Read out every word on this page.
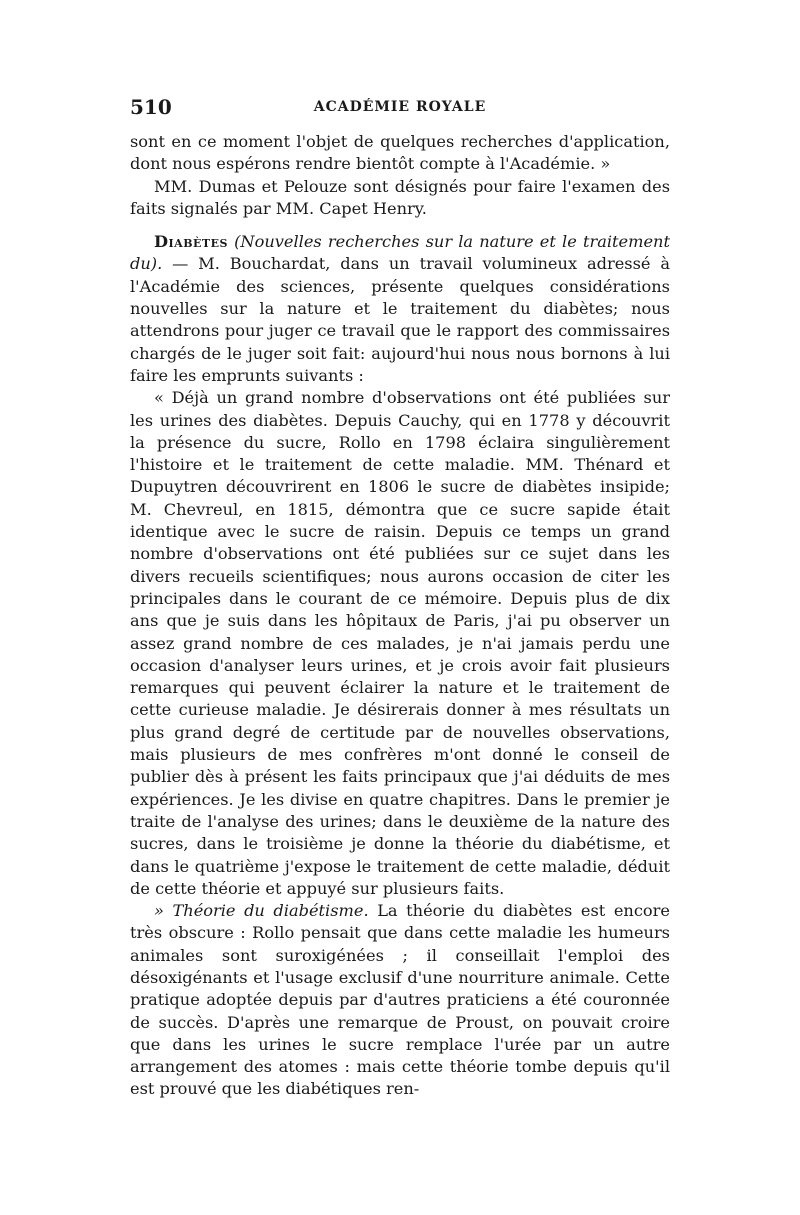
510	ACADÉMIE ROYALE

sont en ce moment l'objet de quelques recherches d'application, dont nous espérons rendre bientôt compte à l'Académie. »

MM. Dumas et Pelouze sont désignés pour faire l'examen des faits signalés par MM. Capet Henry.

Diabètes (Nouvelles recherches sur la nature et le traitement du). — M. Bouchardat, dans un travail volumineux adressé à l'Académie des sciences, présente quelques considérations nouvelles sur la nature et le traitement du diabètes; nous attendrons pour juger ce travail que le rapport des commissaires chargés de le juger soit fait: aujourd'hui nous nous bornons à lui faire les emprunts suivants :

« Déjà un grand nombre d'observations ont été publiées sur les urines des diabètes. Depuis Cauchy, qui en 1778 y découvrit la présence du sucre, Rollo en 1798 éclaira singulièrement l'histoire et le traitement de cette maladie. MM. Thénard et Dupuytren découvrirent en 1806 le sucre de diabètes insipide; M. Chevreul, en 1815, démontra que ce sucre sapide était identique avec le sucre de raisin. Depuis ce temps un grand nombre d'observations ont été publiées sur ce sujet dans les divers recueils scientifiques; nous aurons occasion de citer les principales dans le courant de ce mémoire. Depuis plus de dix ans que je suis dans les hôpitaux de Paris, j'ai pu observer un assez grand nombre de ces malades, je n'ai jamais perdu une occasion d'analyser leurs urines, et je crois avoir fait plusieurs remarques qui peuvent éclairer la nature et le traitement de cette curieuse maladie. Je désirerais donner à mes résultats un plus grand degré de certitude par de nouvelles observations, mais plusieurs de mes confrères m'ont donné le conseil de publier dès à présent les faits principaux que j'ai déduits de mes expériences. Je les divise en quatre chapitres. Dans le premier je traite de l'analyse des urines; dans le deuxième de la nature des sucres, dans le troisième je donne la théorie du diabétisme, et dans le quatrième j'expose le traitement de cette maladie, déduit de cette théorie et appuyé sur plusieurs faits.

» Théorie du diabétisme. La théorie du diabètes est encore très obscure : Rollo pensait que dans cette maladie les humeurs animales sont suroxigénées ; il conseillait l'emploi des désoxigénants et l'usage exclusif d'une nourriture animale. Cette pratique adoptée depuis par d'autres praticiens a été couronnée de succès. D'après une remarque de Proust, on pouvait croire que dans les urines le sucre remplace l'urée par un autre arrangement des atomes : mais cette théorie tombe depuis qu'il est prouvé que les diabétiques ren-
